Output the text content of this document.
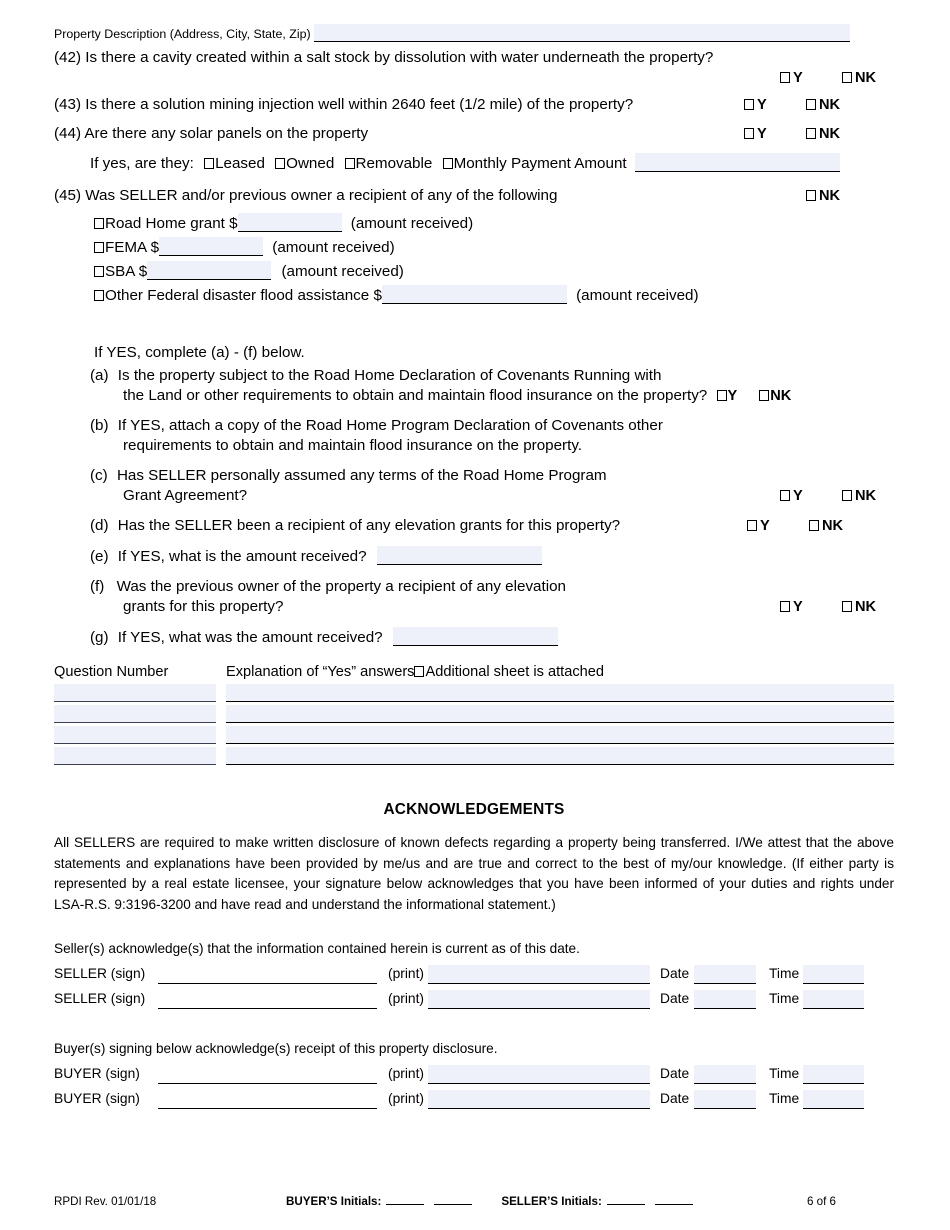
Property Description (Address, City, State, Zip)
(42) Is there a cavity created within a salt stock by dissolution with water underneath the property?
Y	NK
(43) Is there a solution mining injection well within 2640 feet (1/2 mile) of the property?	Y	NK
(44) Are there any solar panels on the property	Y	NK
If yes, are they: Leased Owned Removable Monthly Payment Amount
(45) Was SELLER and/or previous owner a recipient of any of the following	NK
Road Home grant $	(amount received)
FEMA $	(amount received)
SBA $	(amount received)
Other Federal disaster flood assistance $	(amount received)
If YES, complete (a) - (f) below.
(a) Is the property subject to the Road Home Declaration of Covenants Running with
the Land or other requirements to obtain and maintain flood insurance on the property? Y NK
(b) If YES, attach a copy of the Road Home Program Declaration of Covenants other
requirements to obtain and maintain flood insurance on the property.
(c) Has SELLER personally assumed any terms of the Road Home Program
Grant Agreement?	Y	NK
(d) Has the SELLER been a recipient of any elevation grants for this property?	Y	NK
(e) If YES, what is the amount received?
(f) Was the previous owner of the property a recipient of any elevation
grants for this property?	Y	NK
(g) If YES, what was the amount received?
Question Number	Explanation of “Yes” answers Additional sheet is attached
ACKNOWLEDGEMENTS
All SELLERS are required to make written disclosure of known defects regarding a property being transferred. I/We attest that the above statements and explanations have been provided by me/us and are true and correct to the best of my/our knowledge. (If either party is represented by a real estate licensee, your signature below acknowledges that you have been informed of your duties and rights under LSA-R.S. 9:3196-3200 and have read and understand the informational statement.)
Seller(s) acknowledge(s) that the information contained herein is current as of this date.
SELLER (sign)	(print)	Date	Time
SELLER (sign)	(print)	Date	Time
Buyer(s) signing below acknowledge(s) receipt of this property disclosure.
BUYER (sign)	(print)	Date	Time
BUYER (sign)	(print)	Date	Time
RPDI Rev. 01/01/18	BUYER’S Initials:	SELLER’S Initials:	6 of 6
